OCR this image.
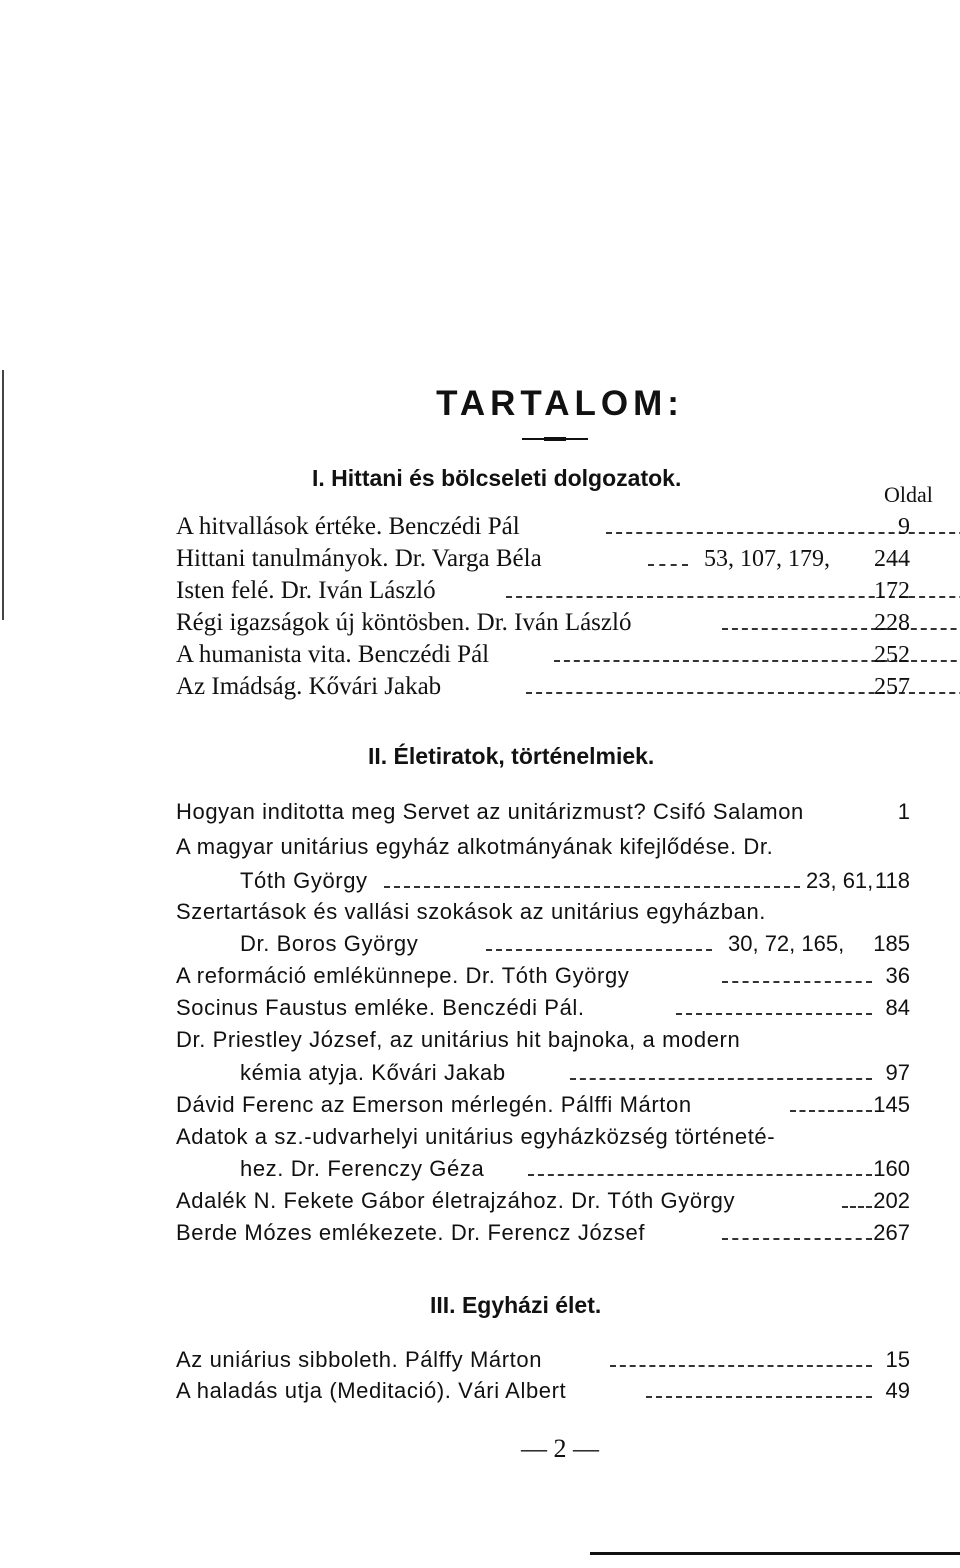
TARTALOM:
I. Hittani és bölcseleti dolgozatok.
Oldal
A hitvallások értéke. Benczédi Pál	9
Hittani tanulmányok. Dr. Varga Béla	53, 107, 179,	244
Isten felé. Dr. Iván László	172
Régi igazságok új köntösben. Dr. Iván László	228
A humanista vita. Benczédi Pál	252
Az Imádság. Kővári Jakab	257
II. Életiratok, történelmiek.
Hogyan inditotta meg Servet az unitárizmust? Csifó Salamon	1
A magyar unitárius egyház alkotmányának kifejlődése. Dr.
Tóth György	23, 61, 118
Szertartások és vallási szokások az unitárius egyházban.
Dr. Boros György	30, 72, 165,	185
A reformáció emlékünnepe. Dr. Tóth György	36
Socinus Faustus emléke. Benczédi Pál.	84
Dr. Priestley József, az unitárius hit bajnoka, a modern
kémia atyja. Kővári Jakab	97
Dávid Ferenc az Emerson mérlegén. Pálffi Márton	145
Adatok a sz.-udvarhelyi unitárius egyházközség történeté-
hez. Dr. Ferenczy Géza	160
Adalék N. Fekete Gábor életrajzához. Dr. Tóth György	202
Berde Mózes emlékezete. Dr. Ferencz József	267
III. Egyházi élet.
Az uniárius sibboleth. Pálffy Márton	15
A haladás utja (Meditació). Vári Albert	49
— 2 —
